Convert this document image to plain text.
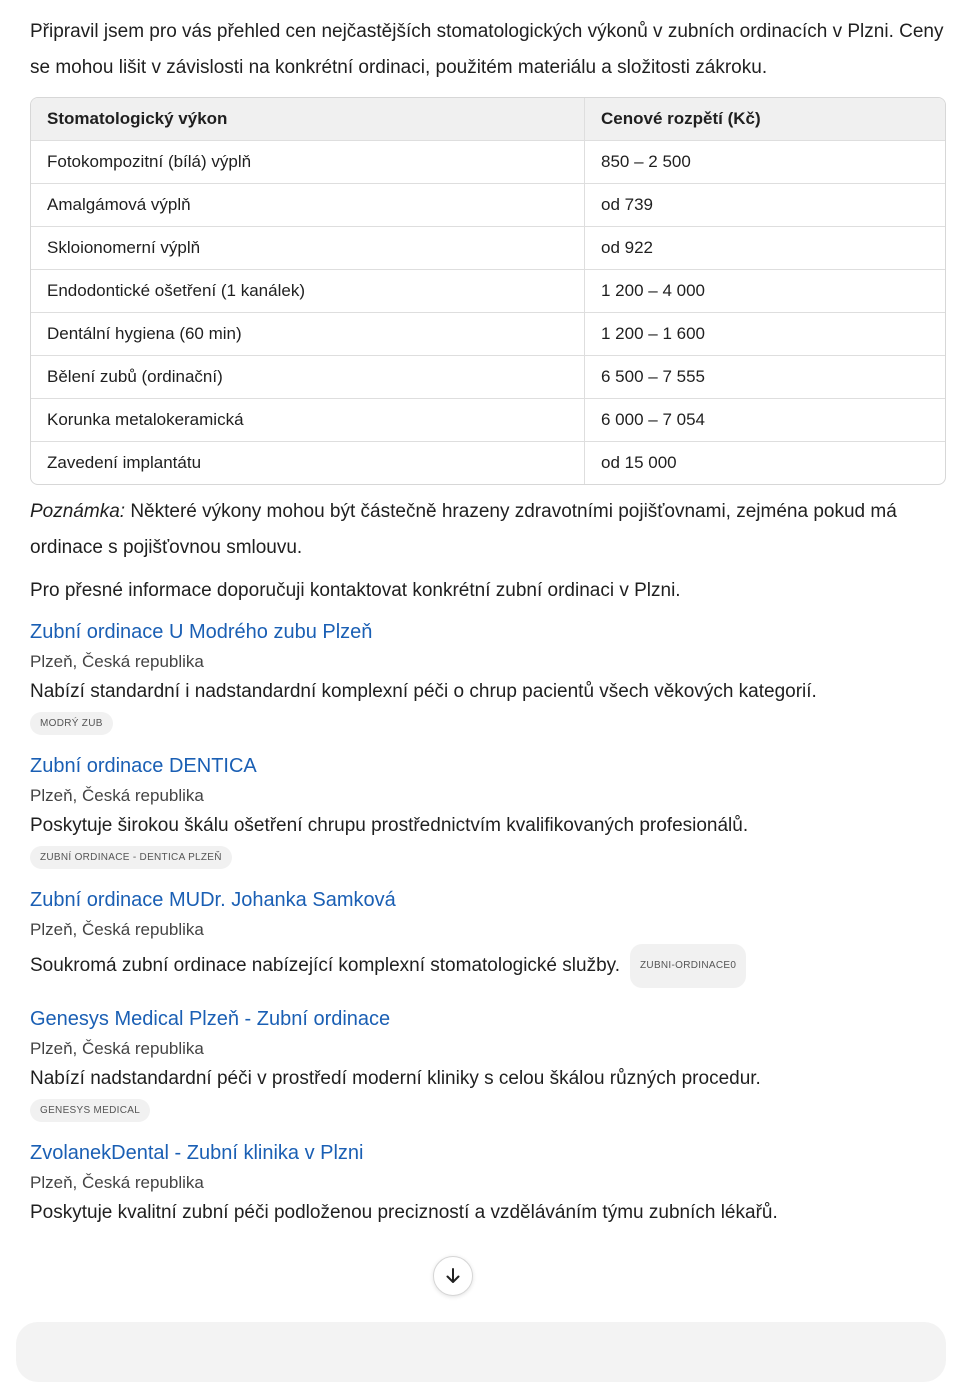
Připravil jsem pro vás přehled cen nejčastějších stomatologických výkonů v zubních ordinacích v Plzni. Ceny se mohou lišit v závislosti na konkrétní ordinaci, použitém materiálu a složitosti zákroku.

Stomatologický výkon	Cenové rozpětí (Kč)
Fotokompozitní (bílá) výplň	850 – 2 500
Amalgámová výplň	od 739
Skloionomerní výplň	od 922
Endodontické ošetření (1 kanálek)	1 200 – 4 000
Dentální hygiena (60 min)	1 200 – 1 600
Bělení zubů (ordinační)	6 500 – 7 555
Korunka metalokeramická	6 000 – 7 054
Zavedení implantátu	od 15 000

Poznámka: Některé výkony mohou být částečně hrazeny zdravotními pojišťovnami, zejména pokud má ordinace s pojišťovnou smlouvu.

Pro přesné informace doporučuji kontaktovat konkrétní zubní ordinaci v Plzni.

Zubní ordinace U Modrého zubu Plzeň
Plzeň, Česká republika
Nabízí standardní i nadstandardní komplexní péči o chrup pacientů všech věkových kategorií.
MODRÝ ZUB
Zubní ordinace DENTICA
Plzeň, Česká republika
Poskytuje širokou škálu ošetření chrupu prostřednictvím kvalifikovaných profesionálů.
ZUBNÍ ORDINACE - DENTICA PLZEŇ
Zubní ordinace MUDr. Johanka Samková
Plzeň, Česká republika
Soukromá zubní ordinace nabízející komplexní stomatologické služby. ZUBNI-ORDINACE0
Genesys Medical Plzeň - Zubní ordinace
Plzeň, Česká republika
Nabízí nadstandardní péči v prostředí moderní kliniky s celou škálou různých procedur.
GENESYS MEDICAL
ZvolanekDental - Zubní klinika v Plzni
Plzeň, Česká republika
Poskytuje kvalitní zubní péči podloženou precizností a vzděláváním týmu zubních lékařů.
